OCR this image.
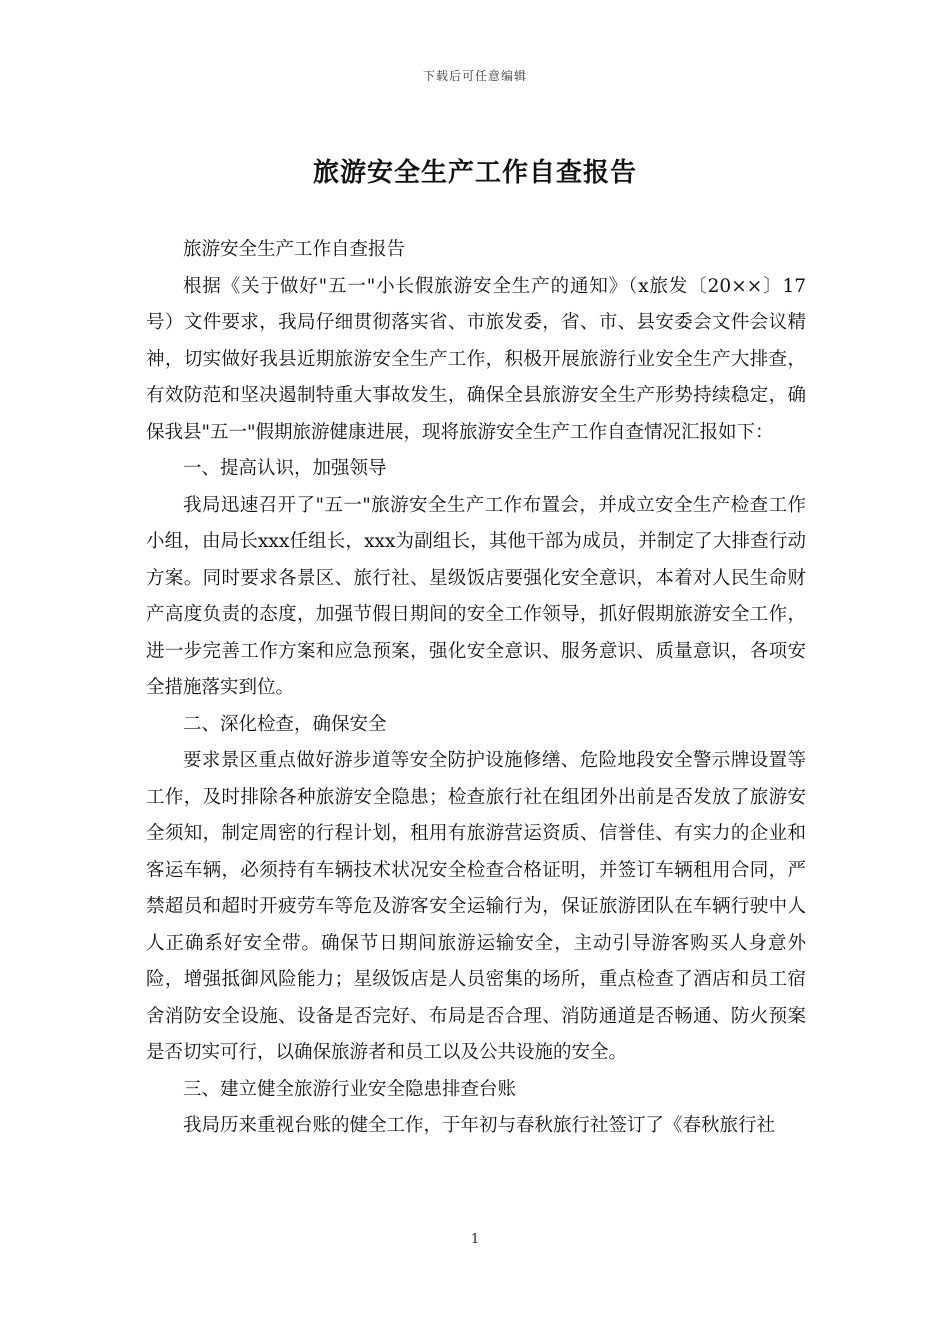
下载后可任意编辑
旅游安全生产工作自查报告

旅游安全生产工作自查报告

根据《关于做好"五一"小长假旅游安全生产的通知》（x旅发〔20××〕17号）文件要求，我局仔细贯彻落实省、市旅发委，省、市、县安委会文件会议精神，切实做好我县近期旅游安全生产工作，积极开展旅游行业安全生产大排查，有效防范和坚决遏制特重大事故发生，确保全县旅游安全生产形势持续稳定，确保我县"五一"假期旅游健康进展，现将旅游安全生产工作自查情况汇报如下：

一、提高认识，加强领导

我局迅速召开了"五一"旅游安全生产工作布置会，并成立安全生产检查工作小组，由局长xxx任组长，xxx为副组长，其他干部为成员，并制定了大排查行动方案。同时要求各景区、旅行社、星级饭店要强化安全意识，本着对人民生命财产高度负责的态度，加强节假日期间的安全工作领导，抓好假期旅游安全工作，进一步完善工作方案和应急预案，强化安全意识、服务意识、质量意识，各项安全措施落实到位。

二、深化检查，确保安全

要求景区重点做好游步道等安全防护设施修缮、危险地段安全警示牌设置等工作，及时排除各种旅游安全隐患；检查旅行社在组团外出前是否发放了旅游安全须知，制定周密的行程计划，租用有旅游营运资质、信誉佳、有实力的企业和客运车辆，必须持有车辆技术状况安全检查合格证明，并签订车辆租用合同，严禁超员和超时开疲劳车等危及游客安全运输行为，保证旅游团队在车辆行驶中人人正确系好安全带。确保节日期间旅游运输安全，主动引导游客购买人身意外险，增强抵御风险能力；星级饭店是人员密集的场所，重点检查了酒店和员工宿舍消防安全设施、设备是否完好、布局是否合理、消防通道是否畅通、防火预案是否切实可行，以确保旅游者和员工以及公共设施的安全。

三、建立健全旅游行业安全隐患排查台账

我局历来重视台账的健全工作，于年初与春秋旅行社签订了《春秋旅行社

1
